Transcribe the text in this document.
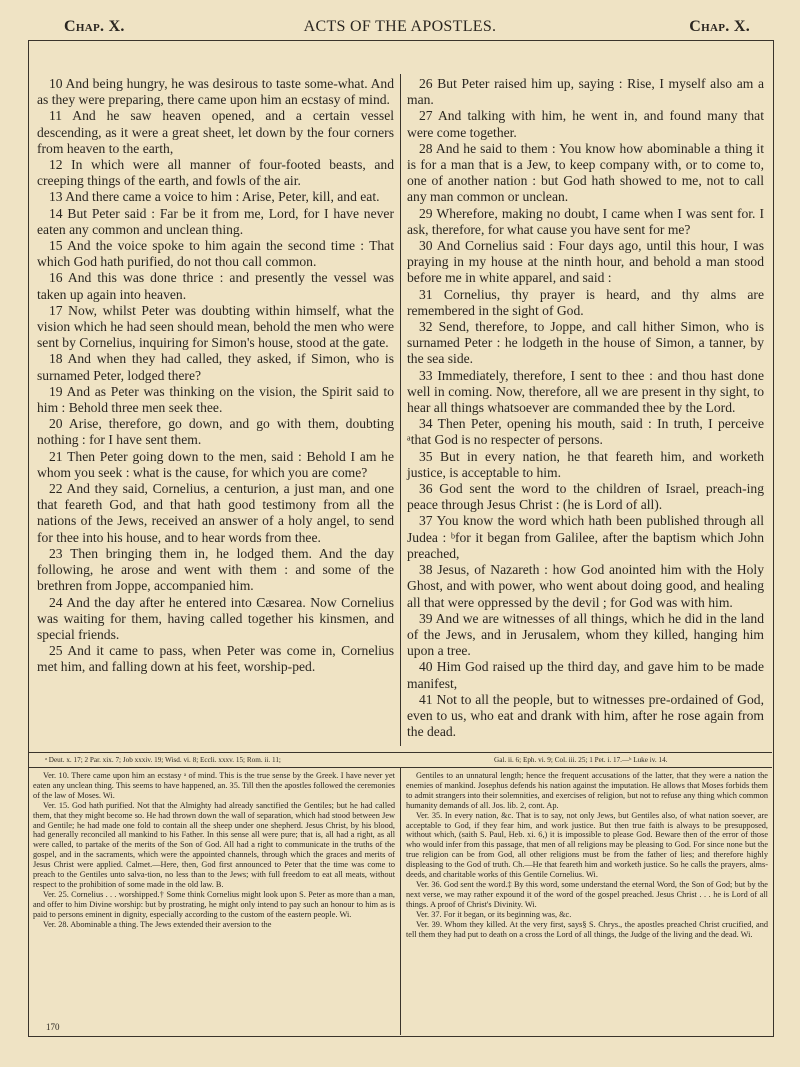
Chap. X.	ACTS OF THE APOSTLES.	Chap. X.

10 And being hungry, he was desirous to taste some-what. And as they were preparing, there came upon him an ecstasy of mind.

11 And he saw heaven opened, and a certain vessel descending, as it were a great sheet, let down by the four corners from heaven to the earth,

12 In which were all manner of four-footed beasts, and creeping things of the earth, and fowls of the air.

13 And there came a voice to him : Arise, Peter, kill, and eat.

14 But Peter said : Far be it from me, Lord, for I have never eaten any common and unclean thing.

15 And the voice spoke to him again the second time : That which God hath purified, do not thou call common.

16 And this was done thrice : and presently the vessel was taken up again into heaven.

17 Now, whilst Peter was doubting within himself, what the vision which he had seen should mean, behold the men who were sent by Cornelius, inquiring for Simon's house, stood at the gate.

18 And when they had called, they asked, if Simon, who is surnamed Peter, lodged there?

19 And as Peter was thinking on the vision, the Spirit said to him : Behold three men seek thee.

20 Arise, therefore, go down, and go with them, doubting nothing : for I have sent them.

21 Then Peter going down to the men, said : Behold I am he whom you seek : what is the cause, for which you are come?

22 And they said, Cornelius, a centurion, a just man, and one that feareth God, and that hath good testimony from all the nations of the Jews, received an answer of a holy angel, to send for thee into his house, and to hear words from thee.

23 Then bringing them in, he lodged them. And the day following, he arose and went with them : and some of the brethren from Joppe, accompanied him.

24 And the day after he entered into Cæsarea. Now Cornelius was waiting for them, having called together his kinsmen, and special friends.

25 And it came to pass, when Peter was come in, Cornelius met him, and falling down at his feet, worship-ped.

26 But Peter raised him up, saying : Rise, I myself also am a man.

27 And talking with him, he went in, and found many that were come together.

28 And he said to them : You know how abominable a thing it is for a man that is a Jew, to keep company with, or to come to, one of another nation : but God hath showed to me, not to call any man common or unclean.

29 Wherefore, making no doubt, I came when I was sent for. I ask, therefore, for what cause you have sent for me?

30 And Cornelius said : Four days ago, until this hour, I was praying in my house at the ninth hour, and behold a man stood before me in white apparel, and said :

31 Cornelius, thy prayer is heard, and thy alms are remembered in the sight of God.

32 Send, therefore, to Joppe, and call hither Simon, who is surnamed Peter : he lodgeth in the house of Simon, a tanner, by the sea side.

33 Immediately, therefore, I sent to thee : and thou hast done well in coming. Now, therefore, all we are present in thy sight, to hear all things whatsoever are commanded thee by the Lord.

34 Then Peter, opening his mouth, said : In truth, I perceive ᵃthat God is no respecter of persons.

35 But in every nation, he that feareth him, and worketh justice, is acceptable to him.

36 God sent the word to the children of Israel, preach-ing peace through Jesus Christ : (he is Lord of all).

37 You know the word which hath been published through all Judea : ᵇfor it began from Galilee, after the baptism which John preached,

38 Jesus, of Nazareth : how God anointed him with the Holy Ghost, and with power, who went about doing good, and healing all that were oppressed by the devil ; for God was with him.

39 And we are witnesses of all things, which he did in the land of the Jews, and in Jerusalem, whom they killed, hanging him upon a tree.

40 Him God raised up the third day, and gave him to be made manifest,

41 Not to all the people, but to witnesses pre-ordained of God, even to us, who eat and drank with him, after he rose again from the dead.

ᵃ Deut. x. 17; 2 Par. xix. 7; Job xxxiv. 19; Wisd. vi. 8; Eccli. xxxv. 15; Rom. ii. 11;	Gal. ii. 6; Eph. vi. 9; Col. iii. 25; 1 Pet. i. 17.—ᵇ Luke iv. 14.

Ver. 10. There came upon him an ecstasy ᵃ of mind. This is the true sense by the Greek. I have never yet eaten any unclean thing. This seems to have happened, an. 35. Till then the apostles followed the ceremonies of the law of Moses. Wi.

Ver. 15. God hath purified. Not that the Almighty had already sanctified the Gentiles; but he had called them, that they might become so. He had thrown down the wall of separation, which had stood between Jew and Gentile; he had made one fold to contain all the sheep under one shepherd. Jesus Christ, by his blood, had generally reconciled all mankind to his Father. In this sense all were pure; that is, all had a right, as all were called, to partake of the merits of the Son of God. All had a right to communicate in the truths of the gospel, and in the sacraments, which were the appointed channels, through which the graces and merits of Jesus Christ were applied. Calmet.—Here, then, God first announced to Peter that the time was come to preach to the Gentiles unto salva-tion, no less than to the Jews; with full freedom to eat all meats, without respect to the prohibition of some made in the old law. B.

Ver. 25. Cornelius . . . worshipped.† Some think Cornelius might look upon S. Peter as more than a man, and offer to him Divine worship: but by prostrating, he might only intend to pay such an honour to him as is paid to persons eminent in dignity, especially according to the custom of the eastern people. Wi.

Ver. 28. Abominable a thing. The Jews extended their aversion to the

Gentiles to an unnatural length; hence the frequent accusations of the latter, that they were a nation the enemies of mankind. Josephus defends his nation against the imputation. He allows that Moses forbids them to admit strangers into their solemnities, and exercises of religion, but not to refuse any thing which common humanity demands of all. Jos. lib. 2, cont. Ap.

Ver. 35. In every nation, &c. That is to say, not only Jews, but Gentiles also, of what nation soever, are acceptable to God, if they fear him, and work justice. But then true faith is always to be presupposed, without which, (saith S. Paul, Heb. xi. 6,) it is impossible to please God. Beware then of the error of those who would infer from this passage, that men of all religions may be pleasing to God. For since none but the true religion can be from God, all other religions must be from the father of lies; and therefore highly displeasing to the God of truth. Ch.—He that feareth him and worketh justice. So he calls the prayers, alms-deeds, and charitable works of this Gentile Cornelius. Wi.

Ver. 36. God sent the word.‡ By this word, some understand the eternal Word, the Son of God; but by the next verse, we may rather expound it of the word of the gospel preached. Jesus Christ . . . he is Lord of all things. A proof of Christ's Divinity. Wi.

Ver. 37. For it began, or its beginning was, &c.

Ver. 39. Whom they killed. At the very first, says§ S. Chrys., the apostles preached Christ crucified, and tell them they had put to death on a cross the Lord of all things, the Judge of the living and the dead. Wi.

170
